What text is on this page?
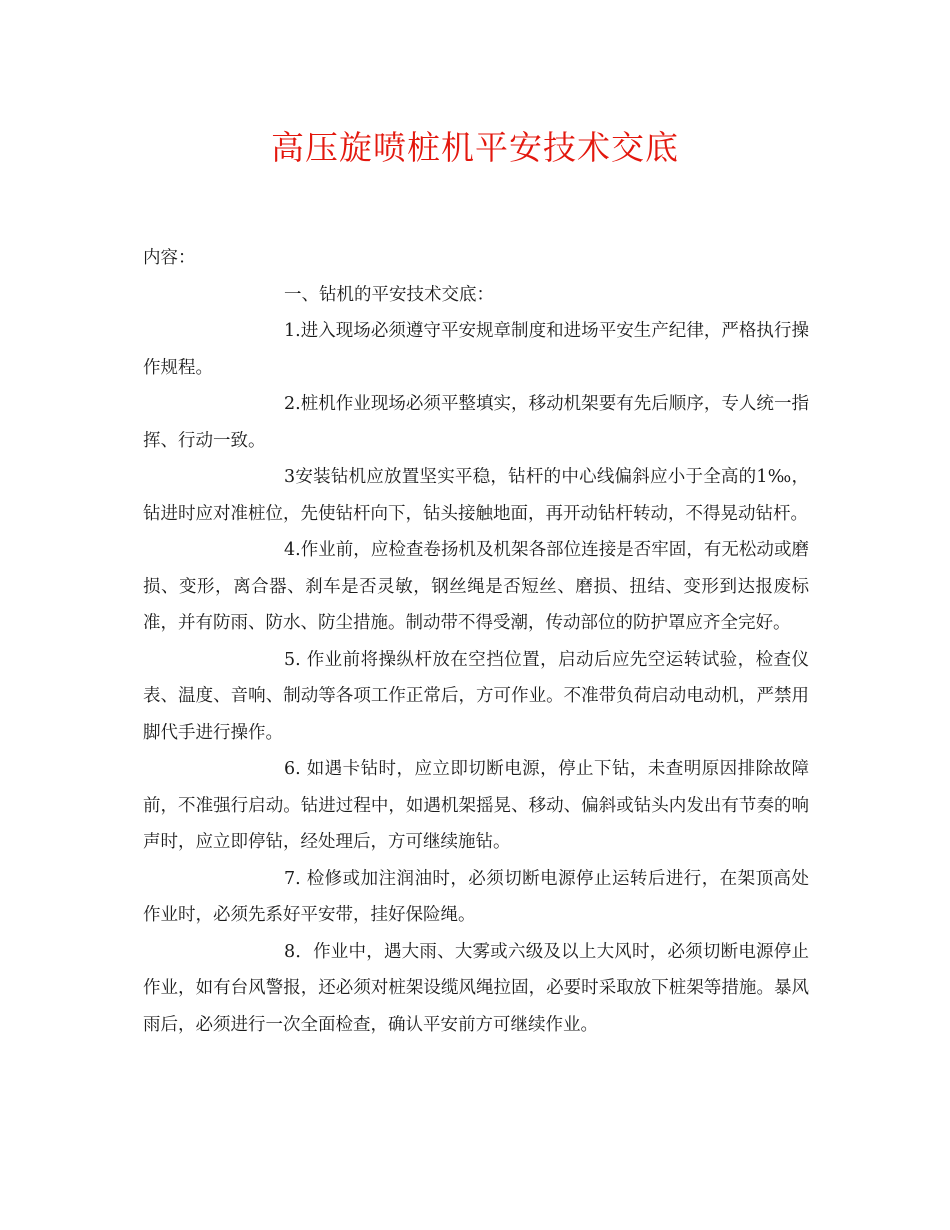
高压旋喷桩机平安技术交底

内容：

一、钻机的平安技术交底：

1.进入现场必须遵守平安规章制度和进场平安生产纪律，严格执行操作规程。

2.桩机作业现场必须平整填实，移动机架要有先后顺序，专人统一指挥、行动一致。

3安装钻机应放置坚实平稳，钻杆的中心线偏斜应小于全高的1‰，钻进时应对准桩位，先使钻杆向下，钻头接触地面，再开动钻杆转动，不得晃动钻杆。

4.作业前，应检查卷扬机及机架各部位连接是否牢固，有无松动或磨损、变形，离合器、刹车是否灵敏，钢丝绳是否短丝、磨损、扭结、变形到达报废标准，并有防雨、防水、防尘措施。制动带不得受潮，传动部位的防护罩应齐全完好。

5. 作业前将操纵杆放在空挡位置，启动后应先空运转试验，检查仪表、温度、音响、制动等各项工作正常后，方可作业。不准带负荷启动电动机，严禁用脚代手进行操作。

6. 如遇卡钻时，应立即切断电源，停止下钻，未查明原因排除故障前，不准强行启动。钻进过程中，如遇机架摇晃、移动、偏斜或钻头内发出有节奏的响声时，应立即停钻，经处理后，方可继续施钻。

7. 检修或加注润油时，必须切断电源停止运转后进行，在架顶高处作业时，必须先系好平安带，挂好保险绳。

8．作业中，遇大雨、大雾或六级及以上大风时，必须切断电源停止作业，如有台风警报，还必须对桩架设缆风绳拉固，必要时采取放下桩架等措施。暴风雨后，必须进行一次全面检查，确认平安前方可继续作业。
